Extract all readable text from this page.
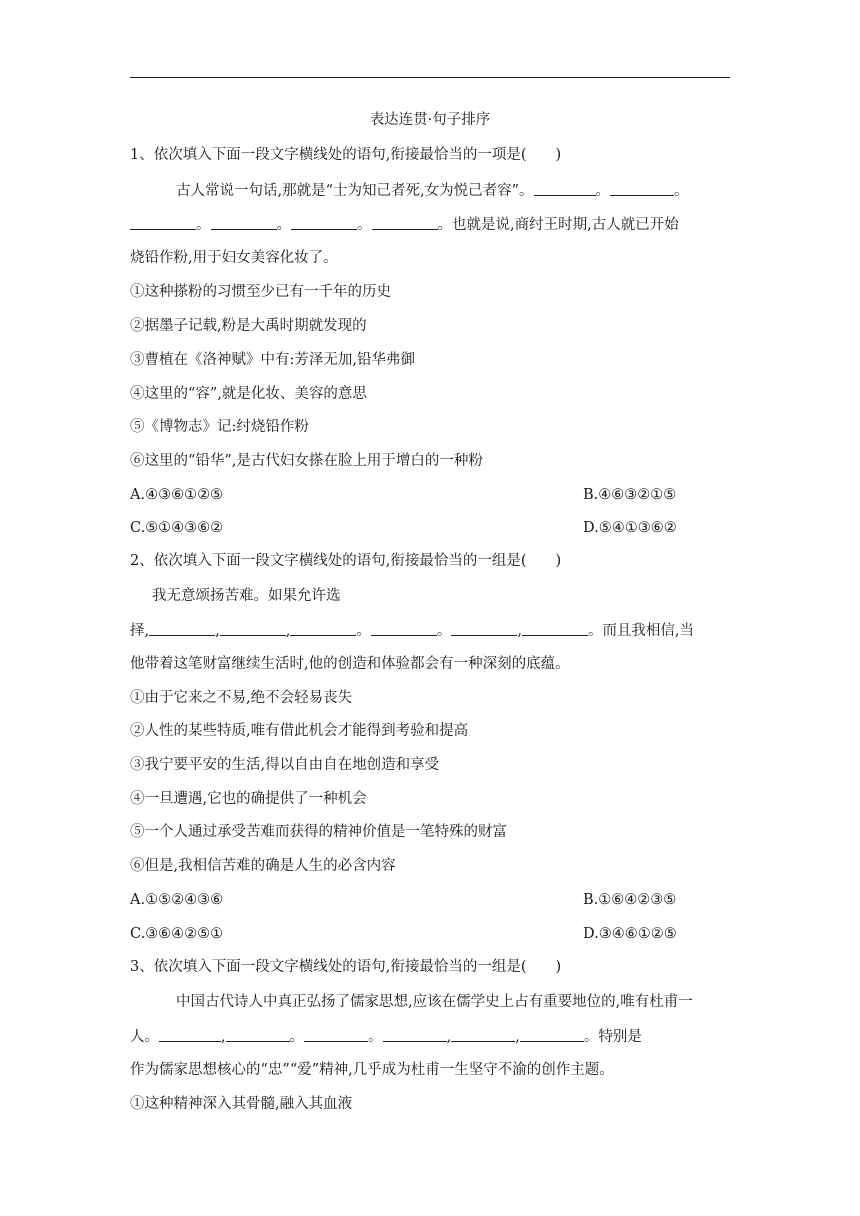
表达连贯·句子排序
1、依次填入下面一段文字横线处的语句,衔接最恰当的一项是(　　)
古人常说一句话,那就是“士为知己者死,女为悦己者容”。	。	。
。	。	。	。也就是说,商纣王时期,古人就已开始
烧铅作粉,用于妇女美容化妆了。
①这种搽粉的习惯至少已有一千年的历史
②据墨子记载,粉是大禹时期就发现的
③曹植在《洛神赋》中有:芳泽无加,铅华弗御
④这里的“容”,就是化妆、美容的意思
⑤《博物志》记:纣烧铅作粉
⑥这里的“铅华”,是古代妇女搽在脸上用于增白的一种粉
A.④③⑥①②⑤	B.④⑥③②①⑤
C.⑤①④③⑥②	D.⑤④①③⑥②
2、依次填入下面一段文字横线处的语句,衔接最恰当的一组是(　　)
我无意颂扬苦难。如果允许选
择,	,	,	。	。	,	。而且我相信,当
他带着这笔财富继续生活时,他的创造和体验都会有一种深刻的底蕴。
①由于它来之不易,绝不会轻易丧失
②人性的某些特质,唯有借此机会才能得到考验和提高
③我宁要平安的生活,得以自由自在地创造和享受
④一旦遭遇,它也的确提供了一种机会
⑤一个人通过承受苦难而获得的精神价值是一笔特殊的财富
⑥但是,我相信苦难的确是人生的必含内容
A.①⑤②④③⑥	B.①⑥④②③⑤
C.③⑥④②⑤①	D.③④⑥①②⑤
3、依次填入下面一段文字横线处的语句,衔接最恰当的一组是(　　)
中国古代诗人中真正弘扬了儒家思想,应该在儒学史上占有重要地位的,唯有杜甫一
人。	,	。	。	,	,	。特别是
作为儒家思想核心的“忠”“爱”精神,几乎成为杜甫一生坚守不渝的创作主题。
①这种精神深入其骨髓,融入其血液
